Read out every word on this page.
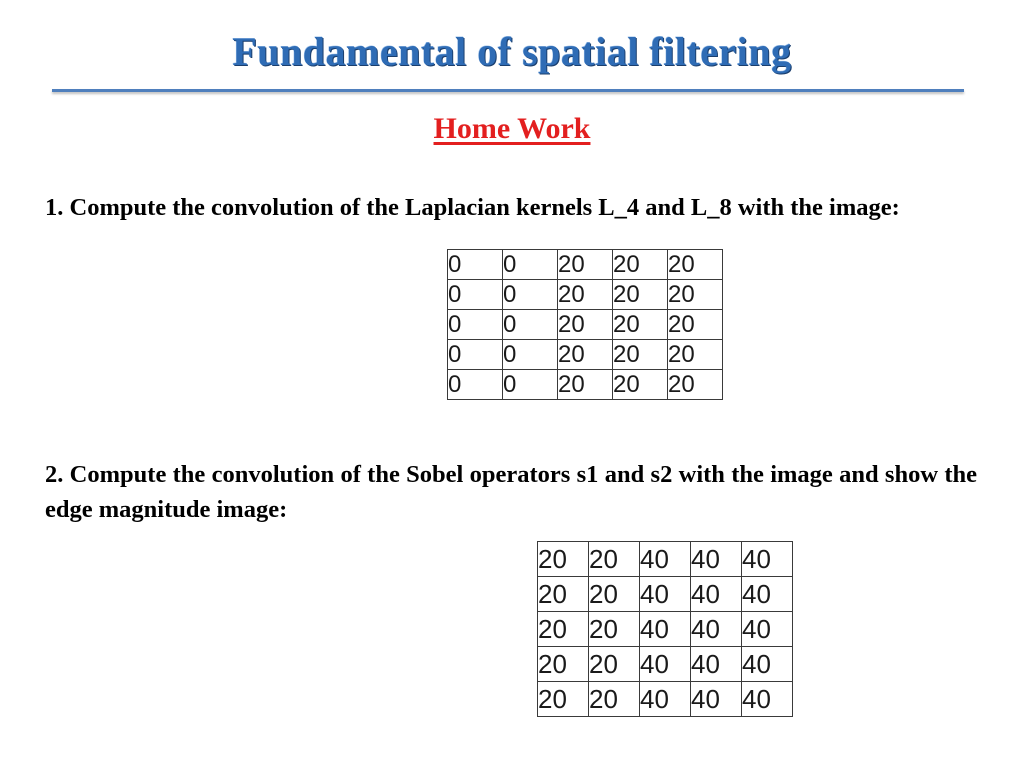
Fundamental of spatial filtering
Home Work
1. Compute the convolution of the Laplacian kernels L_4 and L_8 with the image:
0	0	20	20	20
0	0	20	20	20
0	0	20	20	20
0	0	20	20	20
0	0	20	20	20
2. Compute the convolution of the Sobel operators s1 and s2 with the image and show the edge magnitude image:
20	20	40	40	40
20	20	40	40	40
20	20	40	40	40
20	20	40	40	40
20	20	40	40	40
